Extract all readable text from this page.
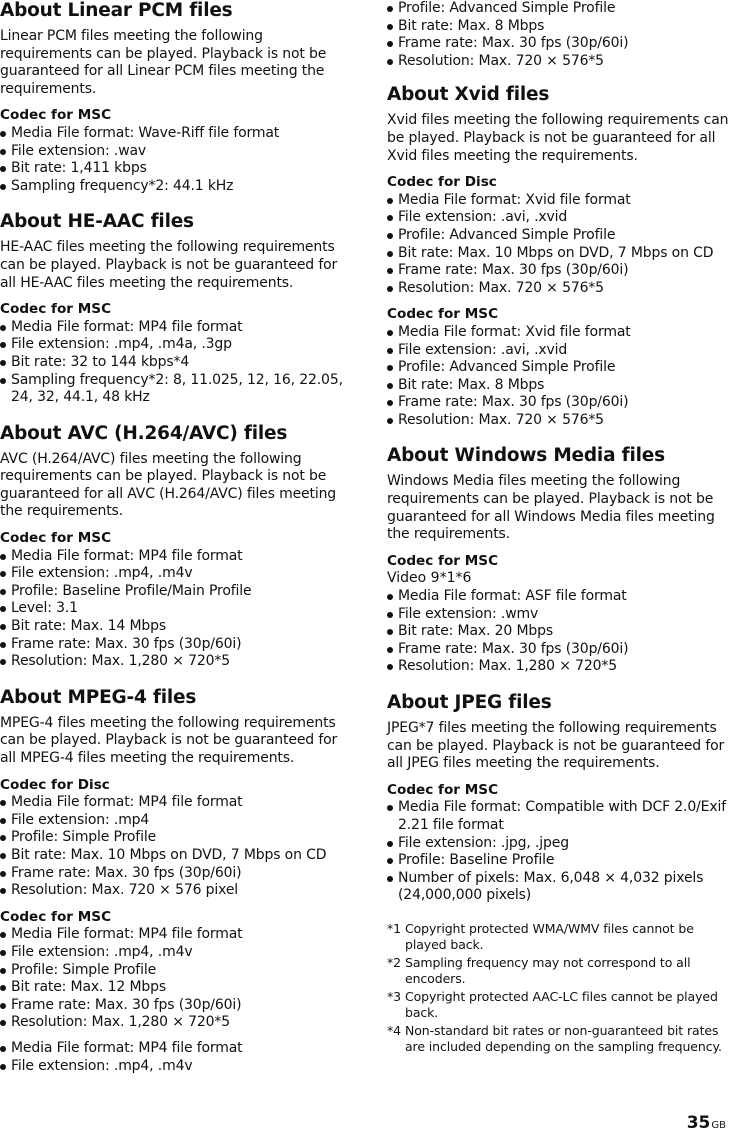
About Linear PCM files

Linear PCM files meeting the following requirements can be played. Playback is not be guaranteed for all Linear PCM files meeting the requirements.

Codec for MSC
Media File format: Wave-Riff file format
File extension: .wav
Bit rate: 1,411 kbps
Sampling frequency*2: 44.1 kHz
About HE-AAC files

HE-AAC files meeting the following requirements can be played. Playback is not be guaranteed for all HE-AAC files meeting the requirements.

Codec for MSC
Media File format: MP4 file format
File extension: .mp4, .m4a, .3gp
Bit rate: 32 to 144 kbps*4
Sampling frequency*2: 8, 11.025, 12, 16, 22.05, 24, 32, 44.1, 48 kHz
About AVC (H.264/AVC) files

AVC (H.264/AVC) files meeting the following requirements can be played. Playback is not be guaranteed for all AVC (H.264/AVC) files meeting the requirements.

Codec for MSC
Media File format: MP4 file format
File extension: .mp4, .m4v
Profile: Baseline Profile/Main Profile
Level: 3.1
Bit rate: Max. 14 Mbps
Frame rate: Max. 30 fps (30p/60i)
Resolution: Max. 1,280 × 720*5
About MPEG-4 files

MPEG-4 files meeting the following requirements can be played. Playback is not be guaranteed for all MPEG-4 files meeting the requirements.

Codec for Disc
Media File format: MP4 file format
File extension: .mp4
Profile: Simple Profile
Bit rate: Max. 10 Mbps on DVD, 7 Mbps on CD
Frame rate: Max. 30 fps (30p/60i)
Resolution: Max. 720 × 576 pixel
Codec for MSC
Media File format: MP4 file format
File extension: .mp4, .m4v
Profile: Simple Profile
Bit rate: Max. 12 Mbps
Frame rate: Max. 30 fps (30p/60i)
Resolution: Max. 1,280 × 720*5
Media File format: MP4 file format
File extension: .mp4, .m4v
Profile: Advanced Simple Profile
Bit rate: Max. 8 Mbps
Frame rate: Max. 30 fps (30p/60i)
Resolution: Max. 720 × 576*5
About Xvid files

Xvid files meeting the following requirements can be played. Playback is not be guaranteed for all Xvid files meeting the requirements.

Codec for Disc
Media File format: Xvid file format
File extension: .avi, .xvid
Profile: Advanced Simple Profile
Bit rate: Max. 10 Mbps on DVD, 7 Mbps on CD
Frame rate: Max. 30 fps (30p/60i)
Resolution: Max. 720 × 576*5
Codec for MSC
Media File format: Xvid file format
File extension: .avi, .xvid
Profile: Advanced Simple Profile
Bit rate: Max. 8 Mbps
Frame rate: Max. 30 fps (30p/60i)
Resolution: Max. 720 × 576*5
About Windows Media files

Windows Media files meeting the following requirements can be played. Playback is not be guaranteed for all Windows Media files meeting the requirements.

Codec for MSC
Video 9*1*6
Media File format: ASF file format
File extension: .wmv
Bit rate: Max. 20 Mbps
Frame rate: Max. 30 fps (30p/60i)
Resolution: Max. 1,280 × 720*5
About JPEG files

JPEG*7 files meeting the following requirements can be played. Playback is not be guaranteed for all JPEG files meeting the requirements.

Codec for MSC
Media File format: Compatible with DCF 2.0/Exif 2.21 file format
File extension: .jpg, .jpeg
Profile: Baseline Profile
Number of pixels: Max. 6,048 × 4,032 pixels (24,000,000 pixels)
*1 Copyright protected WMA/WMV files cannot be played back.
*2 Sampling frequency may not correspond to all encoders.
*3 Copyright protected AAC-LC files cannot be played back.
*4 Non-standard bit rates or non-guaranteed bit rates are included depending on the sampling frequency.
35GB
